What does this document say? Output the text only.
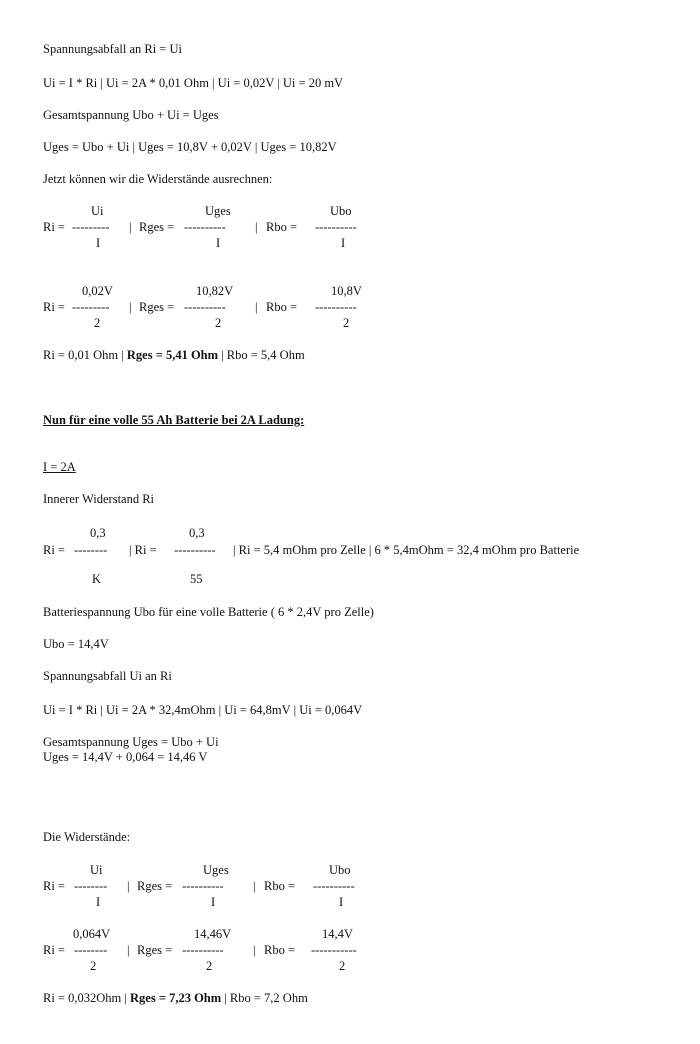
Spannungsabfall an Ri = Ui
Ui = I * Ri | Ui = 2A * 0,01 Ohm | Ui = 0,02V | Ui = 20 mV
Gesamtspannung Ubo + Ui = Uges
Uges = Ubo + Ui | Uges = 10,8V + 0,02V | Uges = 10,82V
Jetzt können wir die Widerstände ausrechnen:
Ui
Ri = ---------
I
| Rges =
Uges
----------
I
| Rbo =
Ubo
----------
I
0,02V
Ri = ---------
2
| Rges =
10,82V
----------
2
| Rbo =
10,8V
----------
2
Ri = 0,01 Ohm | Rges = 5,41 Ohm | Rbo = 5,4 Ohm
Nun für eine volle 55 Ah Batterie bei 2A Ladung:
I = 2A
Innerer Widerstand Ri
0,3
Ri = --------
K
| Ri =
0,3
----------
55
| Ri = 5,4 mOhm pro Zelle | 6 * 5,4mOhm = 32,4 mOhm pro Batterie
Batteriespannung Ubo für eine volle Batterie ( 6 * 2,4V pro Zelle)
Ubo = 14,4V
Spannungsabfall Ui an Ri
Ui = I * Ri | Ui = 2A * 32,4mOhm | Ui = 64,8mV | Ui = 0,064V
Gesamtspannung Uges = Ubo + Ui
Uges = 14,4V + 0,064 = 14,46 V
Die Widerstände:
Ui
Ri = --------
I
| Rges =
Uges
----------
I
| Rbo =
Ubo
----------
I
0,064V
Ri = --------
2
| Rges =
14,46V
----------
2
| Rbo =
14,4V
-----------
2
Ri = 0,032Ohm | Rges = 7,23 Ohm | Rbo = 7,2 Ohm
